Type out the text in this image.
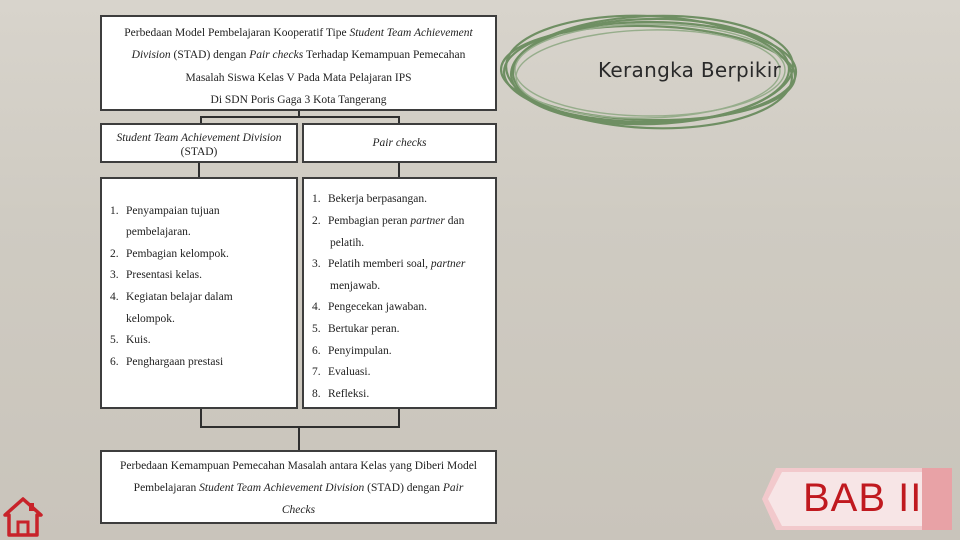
Perbedaan Model Pembelajaran Kooperatif Tipe Student Team Achievement
Division (STAD) dengan Pair checks Terhadap Kemampuan Pemecahan
Masalah Siswa Kelas V Pada Mata Pelajaran IPS
Di SDN Poris Gaga 3 Kota Tangerang
Student Team Achievement Division
(STAD)
Pair checks
1. Penyampaian tujuan
pembelajaran.
2. Pembagian kelompok.
3. Presentasi kelas.
4. Kegiatan belajar dalam
kelompok.
5. Kuis.
6. Penghargaan prestasi
1. Bekerja berpasangan.
2. Pembagian peran partner dan
pelatih.
3. Pelatih memberi soal, partner
menjawab.
4. Pengecekan jawaban.
5. Bertukar peran.
6. Penyimpulan.
7. Evaluasi.
8. Refleksi.
Perbedaan Kemampuan Pemecahan Masalah antara Kelas yang Diberi Model
Pembelajaran Student Team Achievement Division (STAD) dengan Pair
Checks
Kerangka Berpikir
BAB II
